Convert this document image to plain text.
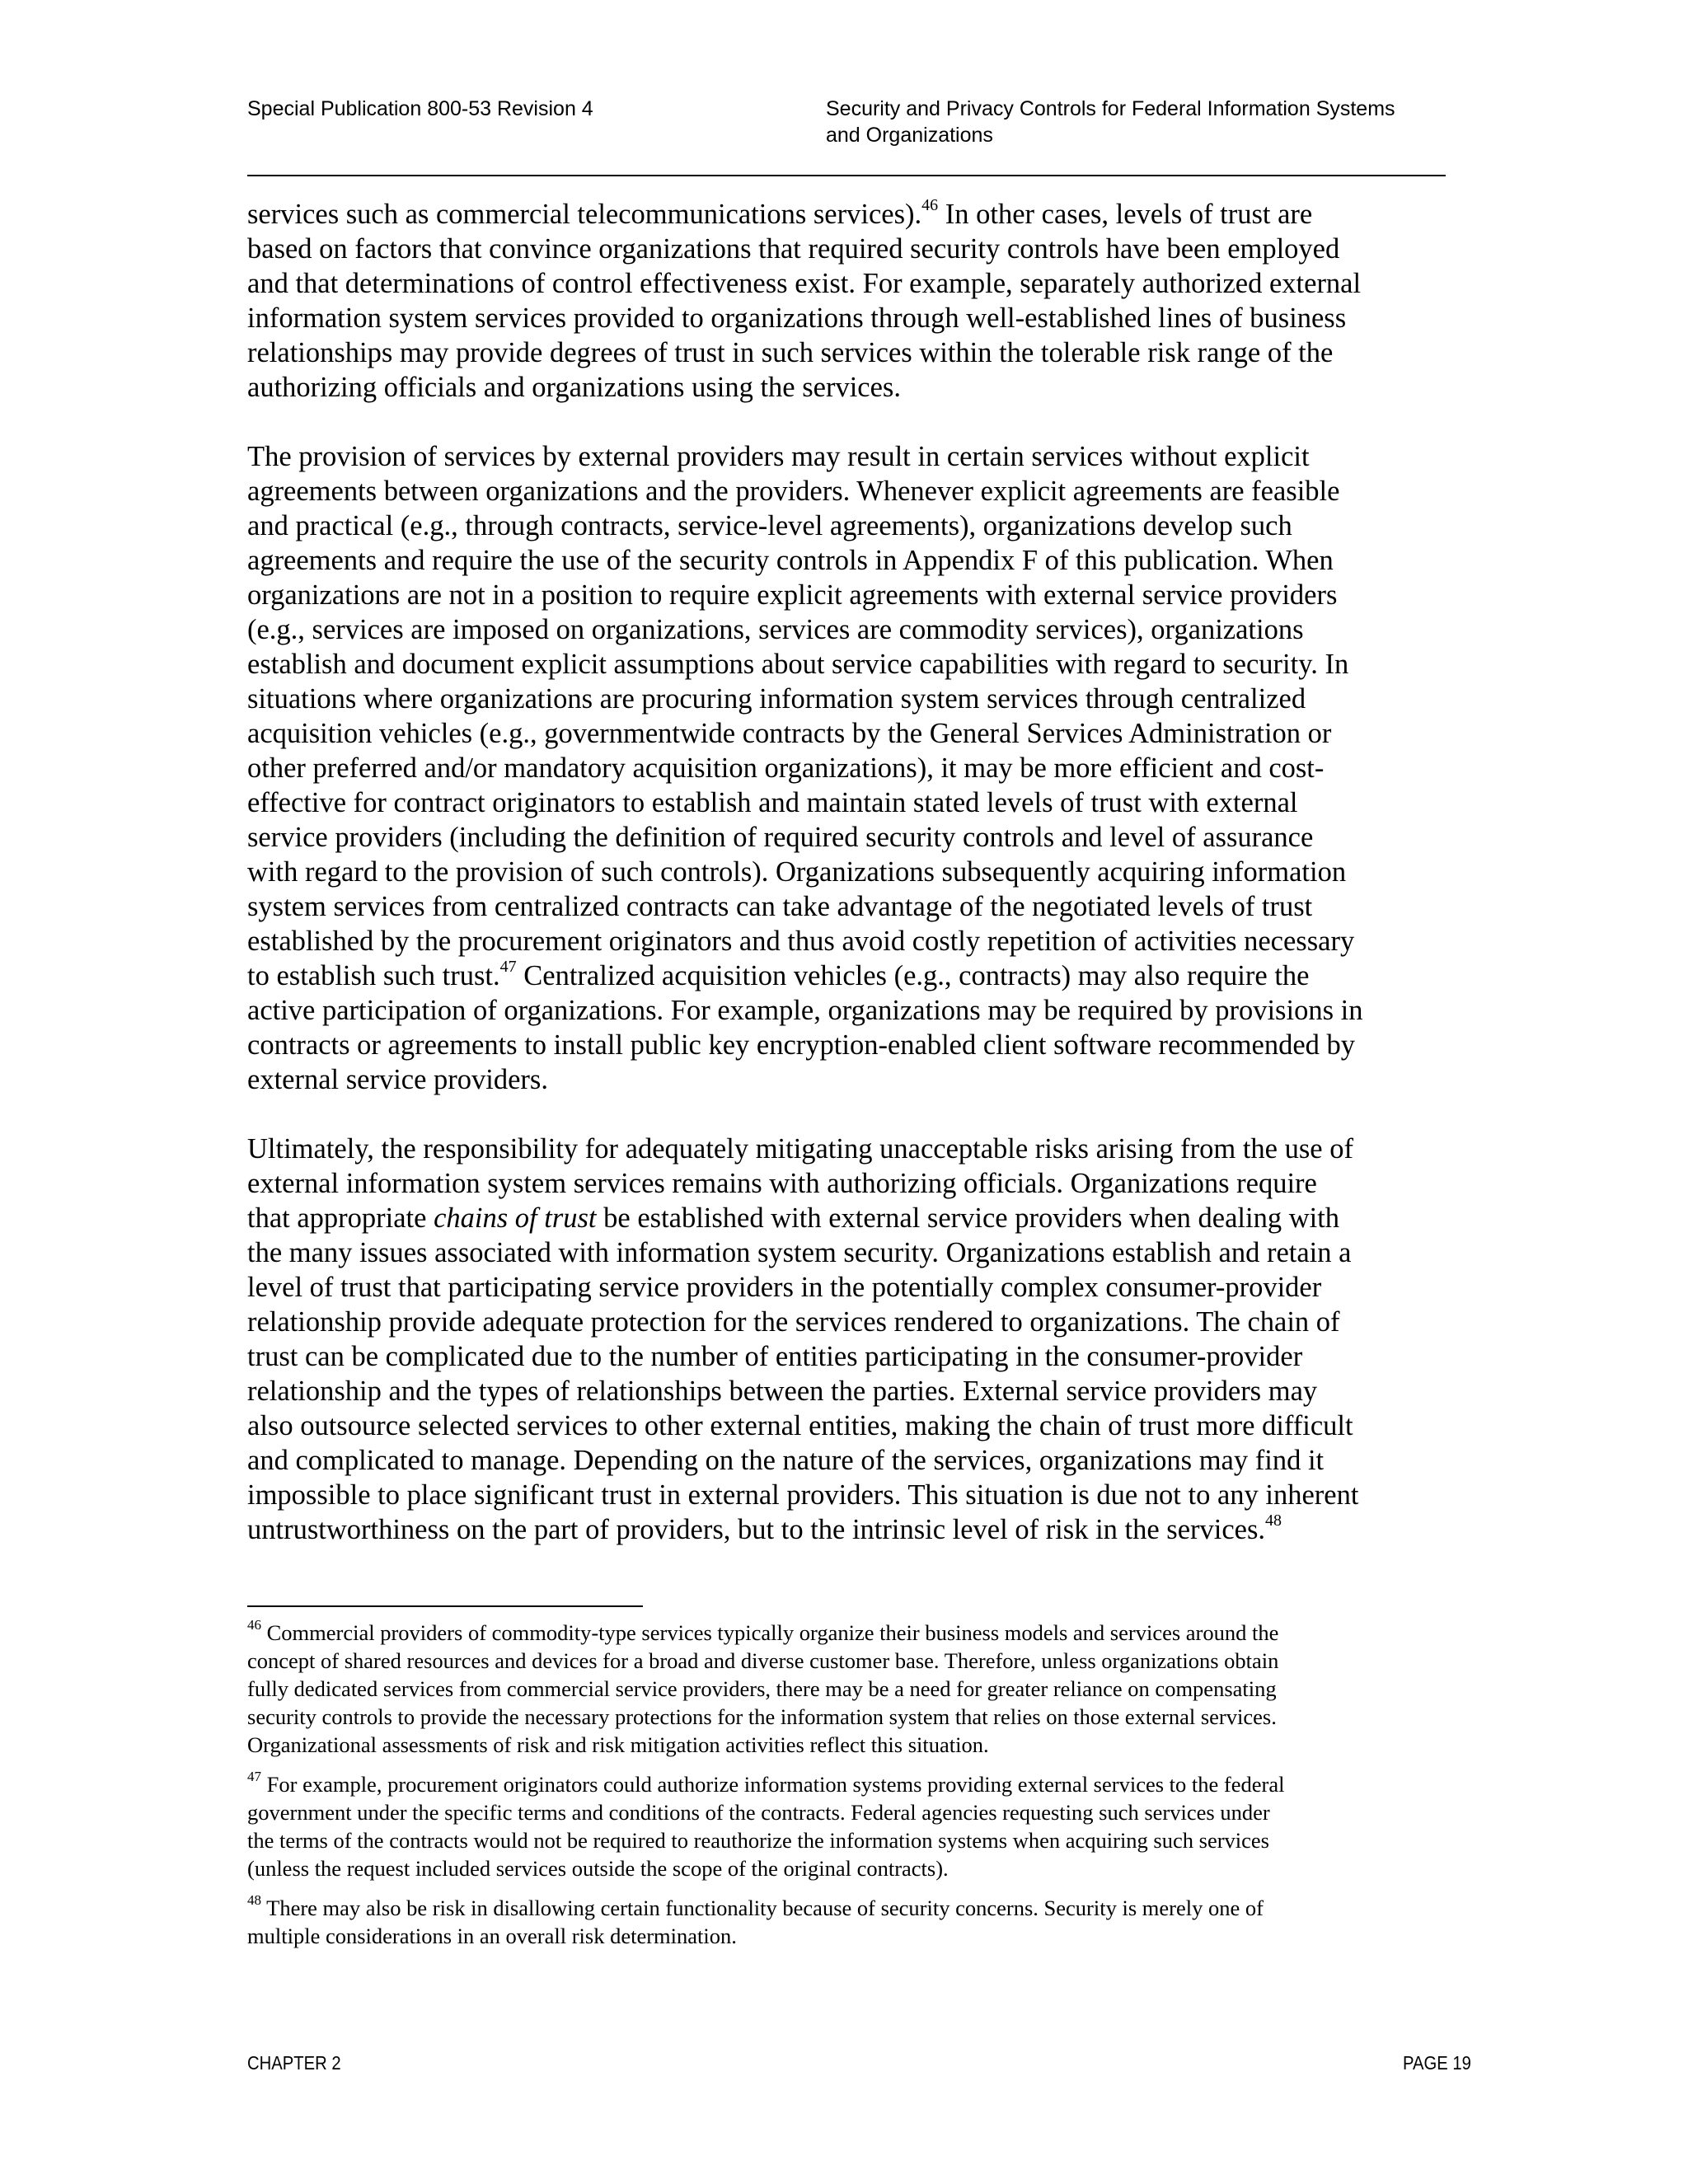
Special Publication 800-53 Revision 4	Security and Privacy Controls for Federal Information Systems
and Organizations

services such as commercial telecommunications services).$^{46}$ In other cases, levels of trust are
based on factors that convince organizations that required security controls have been employed
and that determinations of control effectiveness exist. For example, separately authorized external
information system services provided to organizations through well-established lines of business
relationships may provide degrees of trust in such services within the tolerable risk range of the
authorizing officials and organizations using the services.

The provision of services by external providers may result in certain services without explicit
agreements between organizations and the providers. Whenever explicit agreements are feasible
and practical (e.g., through contracts, service-level agreements), organizations develop such
agreements and require the use of the security controls in Appendix F of this publication. When
organizations are not in a position to require explicit agreements with external service providers
(e.g., services are imposed on organizations, services are commodity services), organizations
establish and document explicit assumptions about service capabilities with regard to security. In
situations where organizations are procuring information system services through centralized
acquisition vehicles (e.g., governmentwide contracts by the General Services Administration or
other preferred and/or mandatory acquisition organizations), it may be more efficient and cost-
effective for contract originators to establish and maintain stated levels of trust with external
service providers (including the definition of required security controls and level of assurance
with regard to the provision of such controls). Organizations subsequently acquiring information
system services from centralized contracts can take advantage of the negotiated levels of trust
established by the procurement originators and thus avoid costly repetition of activities necessary
to establish such trust.$^{47}$ Centralized acquisition vehicles (e.g., contracts) may also require the
active participation of organizations. For example, organizations may be required by provisions in
contracts or agreements to install public key encryption-enabled client software recommended by
external service providers.

Ultimately, the responsibility for adequately mitigating unacceptable risks arising from the use of
external information system services remains with authorizing officials. Organizations require
that appropriate chains of trust be established with external service providers when dealing with
the many issues associated with information system security. Organizations establish and retain a
level of trust that participating service providers in the potentially complex consumer-provider
relationship provide adequate protection for the services rendered to organizations. The chain of
trust can be complicated due to the number of entities participating in the consumer-provider
relationship and the types of relationships between the parties. External service providers may
also outsource selected services to other external entities, making the chain of trust more difficult
and complicated to manage. Depending on the nature of the services, organizations may find it
impossible to place significant trust in external providers. This situation is due not to any inherent
untrustworthiness on the part of providers, but to the intrinsic level of risk in the services.$^{48}$

$^{46}$ Commercial providers of commodity-type services typically organize their business models and services around the
concept of shared resources and devices for a broad and diverse customer base. Therefore, unless organizations obtain
fully dedicated services from commercial service providers, there may be a need for greater reliance on compensating
security controls to provide the necessary protections for the information system that relies on those external services.
Organizational assessments of risk and risk mitigation activities reflect this situation.
$^{47}$ For example, procurement originators could authorize information systems providing external services to the federal
government under the specific terms and conditions of the contracts. Federal agencies requesting such services under
the terms of the contracts would not be required to reauthorize the information systems when acquiring such services
(unless the request included services outside the scope of the original contracts).
$^{48}$ There may also be risk in disallowing certain functionality because of security concerns. Security is merely one of
multiple considerations in an overall risk determination.
CHAPTER 2	PAGE 19
